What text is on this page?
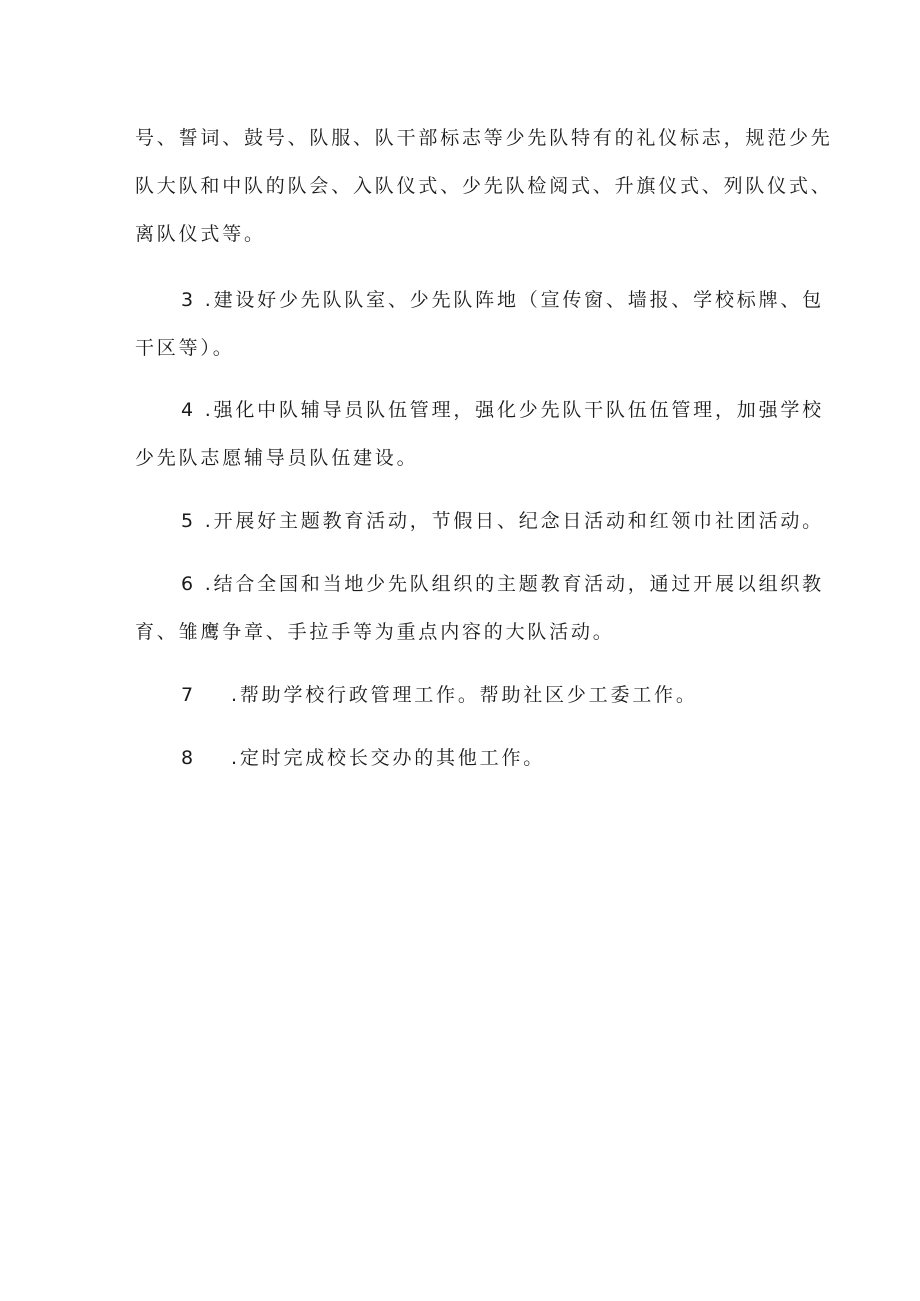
号、誓词、鼓号、队服、队干部标志等少先队特有的礼仪标志，规范少先
队大队和中队的队会、入队仪式、少先队检阅式、升旗仪式、列队仪式、
离队仪式等。

3 .建设好少先队队室、少先队阵地（宣传窗、墙报、学校标牌、包
干区等）。

4 .强化中队辅导员队伍管理，强化少先队干队伍伍管理，加强学校
少先队志愿辅导员队伍建设。

5 .开展好主题教育活动，节假日、纪念日活动和红领巾社团活动。

6 .结合全国和当地少先队组织的主题教育活动，通过开展以组织教
育、雏鹰争章、手拉手等为重点内容的大队活动。

7 .帮助学校行政管理工作。帮助社区少工委工作。

8 .定时完成校长交办的其他工作。
